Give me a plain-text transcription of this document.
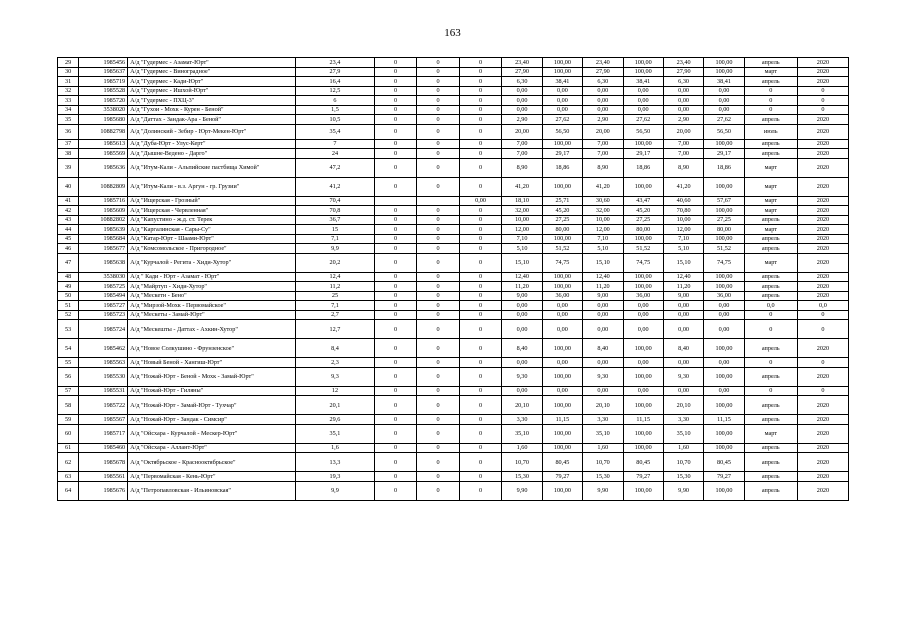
163
29	1985456	А/д "Гудермес - Азамат-Юрт"	23,4	0	0	0	23,40	100,00	23,40	100,00	23,40	100,00	апрель	2020
30	1985637	А/д "Гудермес - Виноградное"	27,9	0	0	0	27,90	100,00	27,90	100,00	27,90	100,00	март	2020
31	1985719	А/д "Гудермес - Кади-Юрт"	16,4	0	0	0	6,30	38,41	6,30	38,41	6,30	38,41	апрель	2020
32	1985528	А/д "Гудермес - Ишхой-Юрт"	12,5	0	0	0	0,00	0,00	0,00	0,00	0,00	0,00	0	0
33	1985720	А/д "Гудермес - ПХЦ-3"	6	0	0	0	0,00	0,00	0,00	0,00	0,00	0,00	0	0
34	3538020	А/д "Гухои - Мохк - Курен - Беной"	1,5	0	0	0	0,00	0,00	0,00	0,00	0,00	0,00	0	0
35	1985680	А/д "Даттах - Зандак-Ара - Беной"	10,5	0	0	0	2,90	27,62	2,90	27,62	2,90	27,62	апрель	2020
36	10882798	А/д "Долинский - Зебир - Юрт-Мекен-Юрт"	35,4	0	0	0	20,00	56,50	20,00	56,50	20,00	56,50	июль	2020
37	1985613	А/д "Дуба-Юрт - Улус-Керт"	7	0	0	0	7,00	100,00	7,00	100,00	7,00	100,00	апрель	2020
38	1985569	А/д "Дышне-Ведено - Дарго"	24	0	0	0	7,00	29,17	7,00	29,17	7,00	29,17	апрель	2020
39	1985636	А/д "Итум-Кали - Альпийские пастбища Химой"	47,2	0	0	0	8,90	18,86	8,90	18,86	8,90	18,86	март	2020
40	10882809	А/д "Итум-Кали - в.з. Аргун - гр. Грузии"	41,2	0	0	0	41,20	100,00	41,20	100,00	41,20	100,00	март	2020
41	1985716	А/д "Ищерская - Грозный"	70,4			0,00	18,10	25,71	30,60	43,47	40,60	57,67	март	2020
42	1985609	А/д "Ищерская - Червленная"	70,8	0	0	0	32,00	45,20	32,00	45,20	70,80	100,00	март	2020
43	10882802	А/д "Капустино - ж.д. ст. Терек	36,7	0	0	0	10,00	27,25	10,00	27,25	10,00	27,25	апрель	2020
44	1985639	А/д "Каргалинская - Сары-Су"	15	0	0	0	12,00	80,00	12,00	80,00	12,00	80,00	март	2020
45	1985684	А/д "Катар-Юрт - Шаами-Юрт"	7,1	0	0	0	7,10	100,00	7,10	100,00	7,10	100,00	апрель	2020
46	1985677	А/д "Комсомольское - Пригородное"	9,9	0	0	0	5,10	51,52	5,10	51,52	5,10	51,52	апрель	2020
47	1985638	А/д "Курчалой - Регита - Хиди-Хутор"	20,2	0	0	0	15,10	74,75	15,10	74,75	15,10	74,75	март	2020
48	3538030	А/д " Кади - Юрт - Азамат - Юрт"	12,4	0	0	0	12,40	100,00	12,40	100,00	12,40	100,00	апрель	2020
49	1985725	А/д "Майртуп - Хиди-Хутор"	11,2	0	0	0	11,20	100,00	11,20	100,00	11,20	100,00	апрель	2020
50	1985494	А/д "Мескетн - Бено"	25	0	0	0	9,00	36,00	9,00	36,00	9,00	36,00	апрель	2020
51	1985727	А/д "Мирзой-Мохк - Первомайское"	7,1	0	0	0	0,00	0,00	0,00	0,00	0,00	0,00	0,0	0,0
52	1985723	А/д "Мескеты - Замай-Юрт"	2,7	0	0	0	0,00	0,00	0,00	0,00	0,00	0,00	0	0
53	1985724	А/д "Мескешты - Даттах - Ахкин-Хутор"	12,7	0	0	0	0,00	0,00	0,00	0,00	0,00	0,00	0	0
54	1985462	А/д "Новое Солкушино - Фрунзенское"	8,4	0	0	0	8,40	100,00	8,40	100,00	8,40	100,00	апрель	2020
55	1985563	А/д "Новый Беной - Хангиш-Юрт"	2,3	0	0	0	0,00	0,00	0,00	0,00	0,00	0,00	0	0
56	1985530	А/д "Ножай-Юрт - Беной - Мохк - Замай-Юрт"	9,3	0	0	0	9,30	100,00	9,30	100,00	9,30	100,00	апрель	2020
57	1985531	А/д "Ножай-Юрт - Гиляны"	12	0	0	0	0,00	0,00	0,00	0,00	0,00	0,00	0	0
58	1985722	А/д "Ножай-Юрт - Замай-Юрт - Тухчар"	20,1	0	0	0	20,10	100,00	20,10	100,00	20,10	100,00	апрель	2020
59	1985567	А/д "Ножай-Юрт - Зандак - Симсир"	29,6	0	0	0	3,30	11,15	3,30	11,15	3,30	11,15	апрель	2020
60	1985717	А/д "Ойсхара - Курчалой - Мескер-Юрт"	35,1	0	0	0	35,10	100,00	35,10	100,00	35,10	100,00	март	2020
61	1985460	А/д "Ойсхара - Аллант-Юрт"	1,6	0	0	0	1,60	100,00	1,60	100,00	1,60	100,00	апрель	2020
62	1985678	А/д "Октябрьское - Краснооктябрьское"	13,3	0	0	0	10,70	80,45	10,70	80,45	10,70	80,45	апрель	2020
63	1985561	А/д "Первомайская - Кень-Юрт"	19,3	0	0	0	15,30	79,27	15,30	79,27	15,30	79,27	апрель	2020
64	1985676	А/д "Петропавловская - Ильиновская"	9,9	0	0	0	9,90	100,00	9,90	100,00	9,90	100,00	апрель	2020
